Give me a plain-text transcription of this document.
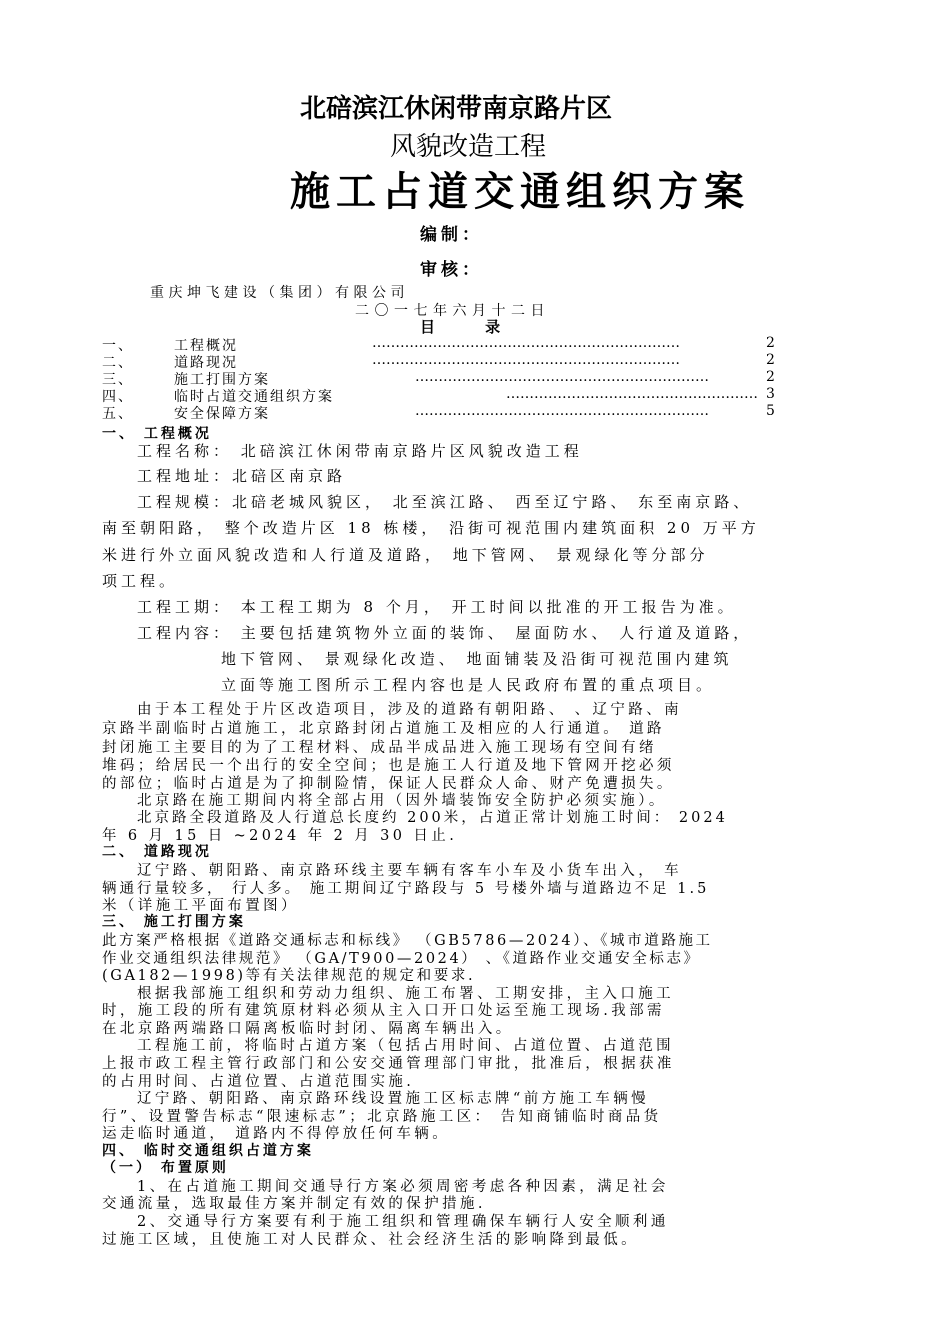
北碚滨江休闲带南京路片区
风貌改造工程
施工占道交通组织方案
编制：
审核：
重庆坤飞建设（集团）有限公司
二〇一七年六月十二日
目     录
一、	工程概况	…………………………………………………………	2
二、	道路现况	…………………………………………………………	2
三、	施工打围方案	………………………………………………………	2
四、	临时占道交通组织方案	……………………………………………… 3
五、	安全保障方案	………………………………………………………	5
一、 工程概况
工程名称： 北碚滨江休闲带南京路片区风貌改造工程
工程地址：北碚区南京路
工程规模：北碚老城风貌区， 北至滨江路、 西至辽宁路、 东至南京路、
南至朝阳路， 整个改造片区 18 栋楼， 沿街可视范围内建筑面积 20 万平方
米进行外立面风貌改造和人行道及道路， 地下管网、 景观绿化等分部分
项工程。
工程工期： 本工程工期为 8 个月， 开工时间以批准的开工报告为准。
工程内容： 主要包括建筑物外立面的装饰、 屋面防水、 人行道及道路，
地下管网、 景观绿化改造、 地面铺装及沿街可视范围内建筑
立面等施工图所示工程内容也是人民政府布置的重点项目。
由于本工程处于片区改造项目，涉及的道路有朝阳路、 、辽宁路、南
京路半副临时占道施工，北京路封闭占道施工及相应的人行通道。 道路
封闭施工主要目的为了工程材料、成品半成品进入施工现场有空间有绪
堆码；给居民一个出行的安全空间；也是施工人行道及地下管网开挖必须
的部位；临时占道是为了抑制险情，保证人民群众人命、财产免遭损失。
北京路在施工期间内将全部占用（因外墙装饰安全防护必须实施）。
北京路全段道路及人行道总长度约 200米，占道正常计划施工时间： 2024
年 6 月 15 日 ~2024 年 2 月 30 日止.
二、 道路现况
辽宁路、朝阳路、南京路环线主要车辆有客车小车及小货车出入， 车
辆通行量较多， 行人多。 施工期间辽宁路段与 5 号楼外墙与道路边不足 1.5
米（详施工平面布置图）
三、 施工打围方案
此方案严格根据《道路交通标志和标线》 （GB5786—2024）、《城市道路施工
作业交通组织法律规范》 （GA/T900—2024） 、《道路作业交通安全标志》
(GA182—1998)等有关法律规范的规定和要求.
根据我部施工组织和劳动力组织、施工布署、工期安排，主入口施工
时，施工段的所有建筑原材料必须从主入口开口处运至施工现场.我部需
在北京路两端路口隔离板临时封闭、隔离车辆出入。
工程施工前，将临时占道方案（包括占用时间、占道位置、占道范围
上报市政工程主管行政部门和公安交通管理部门审批，批准后，根据获准
的占用时间、占道位置、占道范围实施.
辽宁路、朝阳路、南京路环线设置施工区标志牌“前方施工车辆慢
行”、设置警告标志“限速标志”；北京路施工区： 告知商铺临时商品货
运走临时通道， 道路内不得停放任何车辆。
四、 临时交通组织占道方案
（一） 布置原则
1、在占道施工期间交通导行方案必须周密考虑各种因素，满足社会
交通流量，选取最佳方案并制定有效的保护措施.
2、交通导行方案要有利于施工组织和管理确保车辆行人安全顺利通
过施工区域，且使施工对人民群众、社会经济生活的影响降到最低。
